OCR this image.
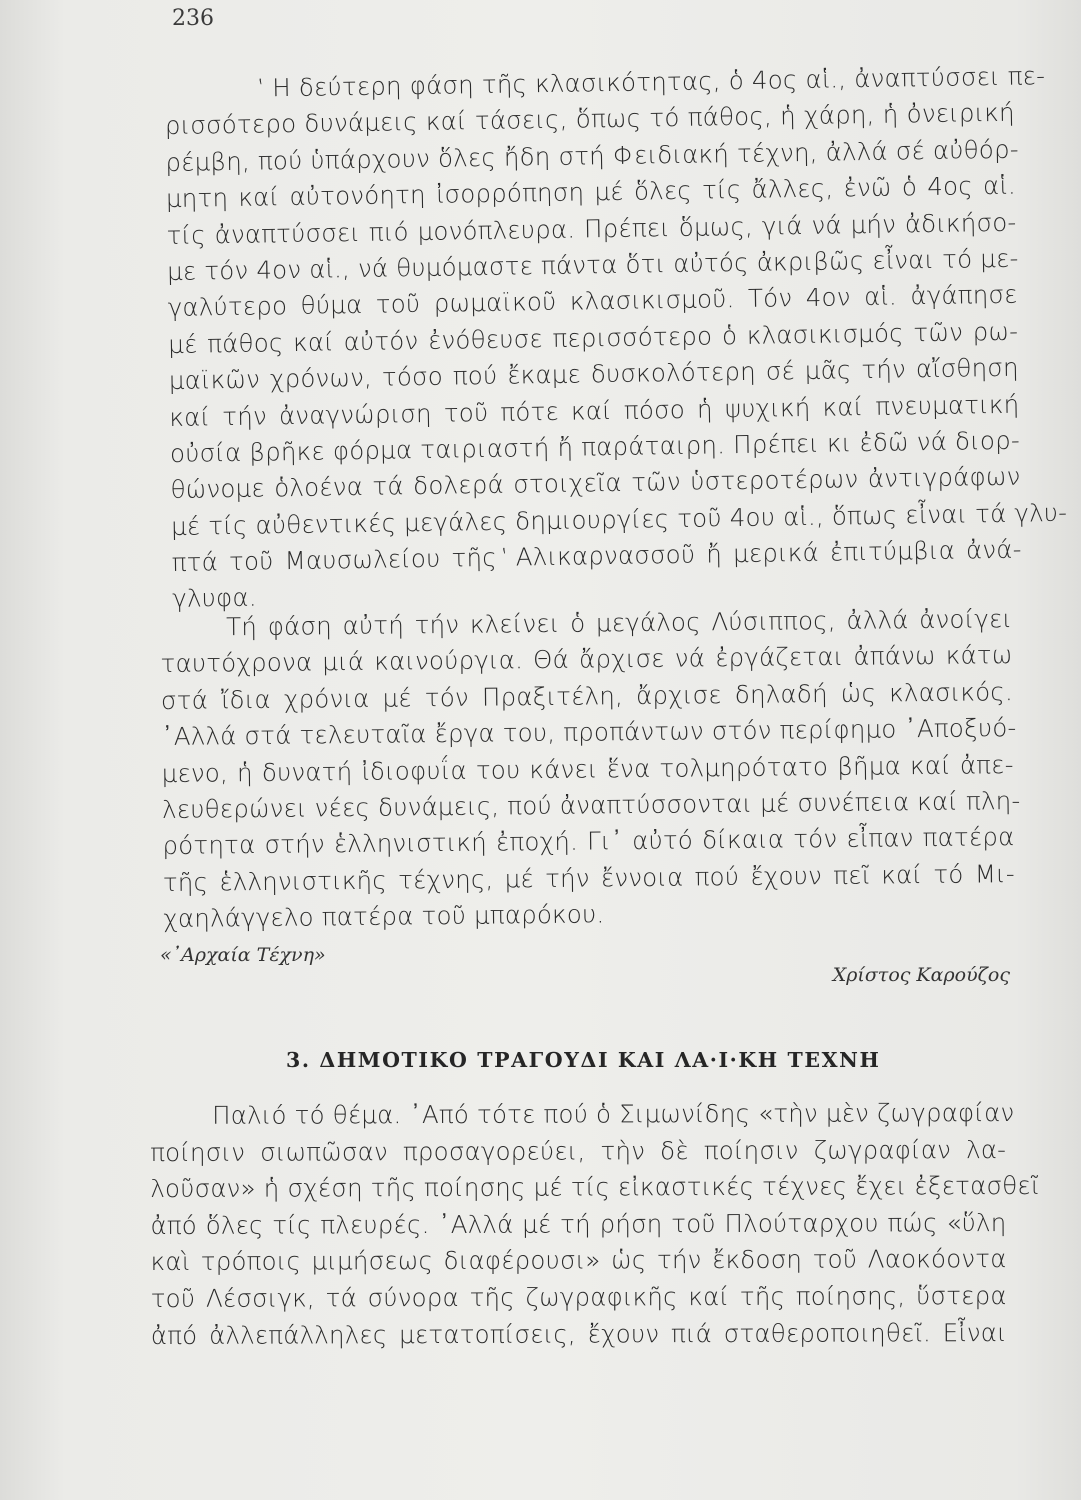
236
‛Η δεύτερη φάση τῆς κλασικότητας, ὁ 4ος αἱ., ἀναπτύσσει πε-
ρισσότερο δυνάμεις καί τάσεις, ὅπως τό πάθος, ἡ χάρη, ἡ ὀνειρική
ρέμβη, πού ὑπάρχουν ὅλες ἤδη στή Φειδιακή τέχνη, ἀλλά σέ αὐθόρ-
μητη καί αὐτονόητη ἰσορρόπηση μέ ὅλες τίς ἄλλες, ἐνῶ ὁ 4ος αἱ.
τίς ἀναπτύσσει πιό μονόπλευρα. Πρέπει ὅμως, γιά νά μήν ἀδικήσο-
με τόν 4ον αἱ., νά θυμόμαστε πάντα ὅτι αὐτός ἀκριβῶς εἶναι τό με-
γαλύτερο θύμα τοῦ ρωμαϊκοῦ κλασικισμοῦ. Τόν 4ον αἱ. ἀγάπησε
μέ πάθος καί αὐτόν ἐνόθευσε περισσότερο ὁ κλασικισμός τῶν ρω-
μαϊκῶν χρόνων, τόσο πού ἔκαμε δυσκολότερη σέ μᾶς τήν αἴσθηση
καί τήν ἀναγνώριση τοῦ πότε καί πόσο ἡ ψυχική καί πνευματική
οὐσία βρῆκε φόρμα ταιριαστή ἤ παράταιρη. Πρέπει κι ἐδῶ νά διορ-
θώνομε ὁλοένα τά δολερά στοιχεῖα τῶν ὑστεροτέρων ἀντιγράφων
μέ τίς αὐθεντικές μεγάλες δημιουργίες τοῦ 4ου αἱ., ὅπως εἶναι τά γλυ-
πτά τοῦ Μαυσωλείου τῆς ‛Αλικαρνασσοῦ ἤ μερικά ἐπιτύμβια ἀνά-
γλυφα.
Τή φάση αὐτή τήν κλείνει ὁ μεγάλος Λύσιππος, ἀλλά ἀνοίγει
ταυτόχρονα μιά καινούργια. Θά ἄρχισε νά ἐργάζεται ἀπάνω κάτω
στά ἴδια χρόνια μέ τόν Πραξιτέλη, ἄρχισε δηλαδή ὡς κλασικός.
᾽Αλλά στά τελευταῖα ἔργα του, προπάντων στόν περίφημο ᾽Αποξυό-
μενο, ἡ δυνατή ἰδιοφυΐα του κάνει ἕνα τολμηρότατο βῆμα καί ἀπε-
λευθερώνει νέες δυνάμεις, πού ἀναπτύσσονται μέ συνέπεια καί πλη-
ρότητα στήν ἑλληνιστική ἐποχή. Γι᾽ αὐτό δίκαια τόν εἶπαν πατέρα
τῆς ἑλληνιστικῆς τέχνης, μέ τήν ἔννοια πού ἔχουν πεῖ καί τό Μι-
χαηλάγγελο πατέρα τοῦ μπαρόκου.
«᾽Αρχαία Τέχνη»
Χρίστος Καρούζος
3. ΔΗΜΟΤΙΚΟ ΤΡΑΓΟΥΔΙ ΚΑΙ ΛΑ·Ι·ΚΗ ΤΕΧΝΗ
Παλιό τό θέμα. ᾽Από τότε πού ὁ Σιμωνίδης «τὴν μὲν ζωγραφίαν
ποίησιν σιωπῶσαν προσαγορεύει, τὴν δὲ ποίησιν ζωγραφίαν λα-
λοῦσαν» ἡ σχέση τῆς ποίησης μέ τίς εἰκαστικές τέχνες ἔχει ἐξετασθεῖ
ἀπό ὅλες τίς πλευρές. ᾽Αλλά μέ τή ρήση τοῦ Πλούταρχου πώς «ὕλη
καὶ τρόποις μιμήσεως διαφέρουσι» ὡς τήν ἔκδοση τοῦ Λαοκόοντα
τοῦ Λέσσιγκ, τά σύνορα τῆς ζωγραφικῆς καί τῆς ποίησης, ὕστερα
ἀπό ἀλλεπάλληλες μετατοπίσεις, ἔχουν πιά σταθεροποιηθεῖ. Εἶναι
